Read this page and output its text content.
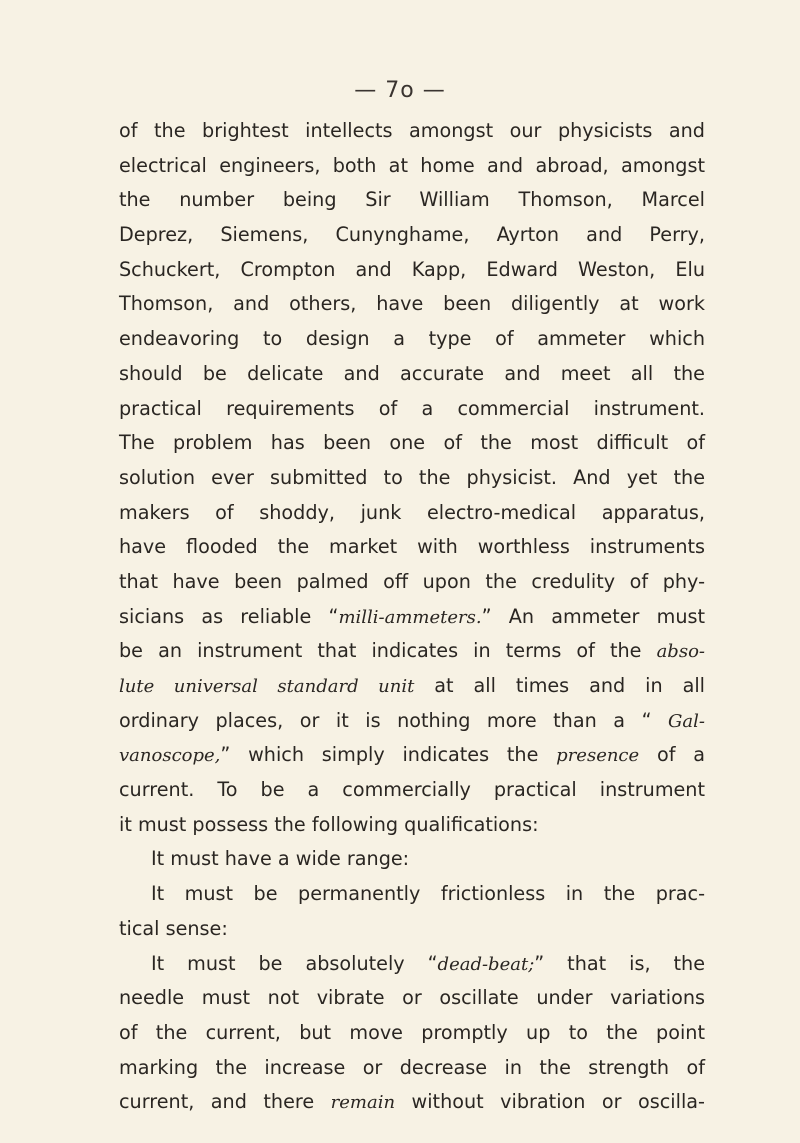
— 7o —
of the brightest intellects amongst our physicists and
electrical engineers, both at home and abroad, amongst
the number being Sir William Thomson, Marcel
Deprez, Siemens, Cunynghame, Ayrton and Perry,
Schuckert, Crompton and Kapp, Edward Weston, Elu
Thomson, and others, have been diligently at work
endeavoring to design a type of ammeter which
should be delicate and accurate and meet all the
practical requirements of a commercial instrument.
The problem has been one of the most difficult of
solution ever submitted to the physicist. And yet the
makers of shoddy, junk electro-medical apparatus,
have flooded the market with worthless instruments
that have been palmed off upon the credulity of phy-
sicians as reliable “milli-ammeters.” An ammeter must
be an instrument that indicates in terms of the abso-
lute universal standard unit at all times and in all
ordinary places, or it is nothing more than a “ Gal-
vanoscope,” which simply indicates the presence of a
current. To be a commercially practical instrument
it must possess the following qualifications:
It must have a wide range:
It must be permanently frictionless in the prac-
tical sense:
It must be absolutely “dead-beat;” that is, the
needle must not vibrate or oscillate under variations
of the current, but move promptly up to the point
marking the increase or decrease in the strength of
current, and there remain without vibration or oscilla-
